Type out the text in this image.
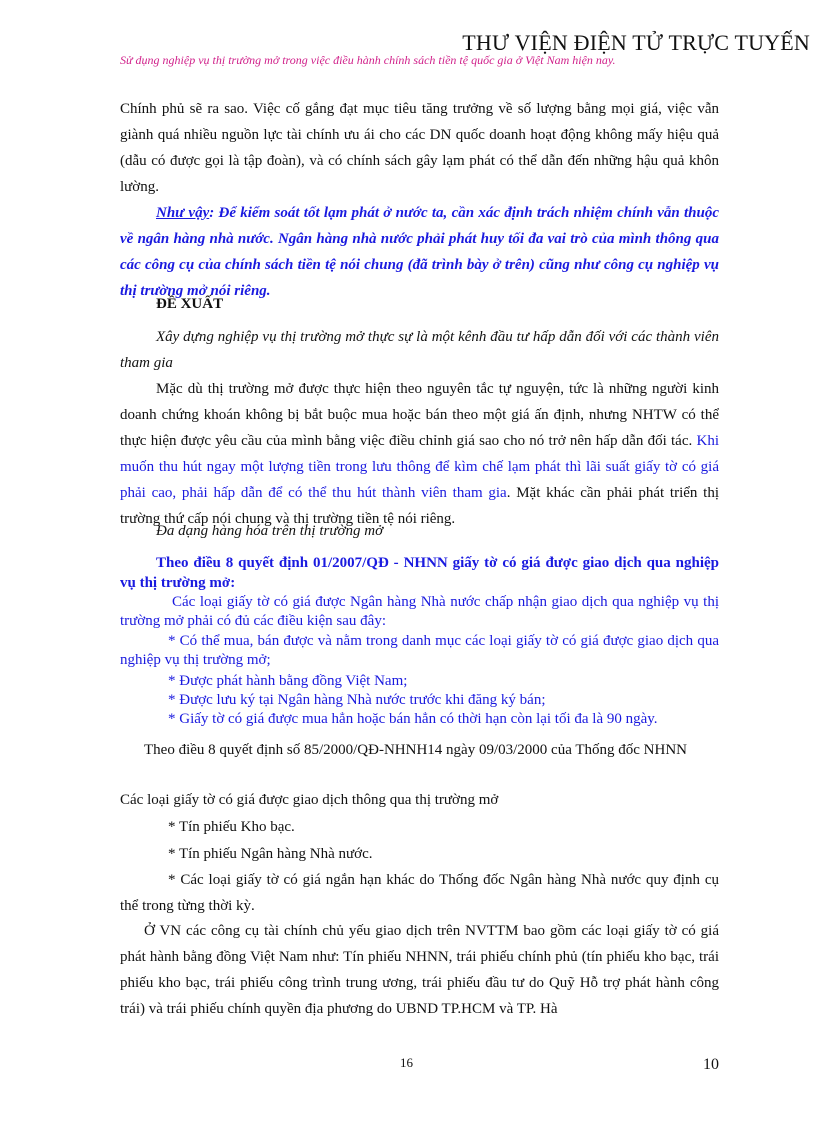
THƯ VIỆN ĐIỆN TỬ TRỰC TUYẾN
Sử dụng nghiệp vụ thị trường mở trong việc điều hành chính sách tiền tệ quốc gia ở Việt Nam hiện nay.

Chính phủ sẽ ra sao. Việc cố gắng đạt mục tiêu tăng trưởng về số lượng bằng mọi giá, việc vẫn giành quá nhiều nguồn lực tài chính ưu ái cho các DN quốc doanh hoạt động không mấy hiệu quả (dẫu có được gọi là tập đoàn), và có chính sách gây lạm phát có thể dẫn đến những hậu quả khôn lường.

Như vậy: Để kiểm soát tốt lạm phát ở nước ta, cần xác định trách nhiệm chính vẫn thuộc về ngân hàng nhà nước. Ngân hàng nhà nước phải phát huy tối đa vai trò của mình thông qua các công cụ của chính sách tiền tệ nói chung (đã trình bày ở trên) cũng như công cụ nghiệp vụ thị trường mở nói riêng.

ĐỀ XUẤT

Xây dựng nghiệp vụ thị trường mở thực sự là một kênh đầu tư hấp dẫn đối với các thành viên tham gia

Mặc dù thị trường mở được thực hiện theo nguyên tắc tự nguyện, tức là những người kinh doanh chứng khoán không bị bắt buộc mua hoặc bán theo một giá ấn định, nhưng NHTW có thể thực hiện được yêu cầu của mình bằng việc điều chỉnh giá sao cho nó trở nên hấp dẫn đối tác. Khi muốn thu hút ngay một lượng tiền trong lưu thông để kìm chế lạm phát thì lãi suất giấy tờ có giá phải cao, phải hấp dẫn để có thể thu hút thành viên tham gia. Mặt khác cần phải phát triển thị trường thứ cấp nói chung và thị trường tiền tệ nói riêng.

Đa dạng hàng hóa trên thị trường mở

Theo điều 8 quyết định 01/2007/QĐ - NHNN giấy tờ có giá được giao dịch qua nghiệp vụ thị trường mở:

Các loại giấy tờ có giá được Ngân hàng Nhà nước chấp nhận giao dịch qua nghiệp vụ thị trường mở phải có đủ các điều kiện sau đây:

* Có thể mua, bán được và nằm trong danh mục các loại giấy tờ có giá được giao dịch qua nghiệp vụ thị trường mở;

* Được phát hành bằng đồng Việt Nam;

* Được lưu ký tại Ngân hàng Nhà nước trước khi đăng ký bán;

* Giấy tờ có giá được mua hẳn hoặc bán hẳn có thời hạn còn lại tối đa là 90 ngày.

Theo điều 8 quyết định số 85/2000/QĐ-NHNH14 ngày 09/03/2000 của Thống đốc NHNN

Các loại giấy tờ có giá được giao dịch thông qua thị trường mở

* Tín phiếu Kho bạc.

* Tín phiếu Ngân hàng Nhà nước.

* Các loại giấy tờ có giá ngắn hạn khác do Thống đốc Ngân hàng Nhà nước quy định cụ thể trong từng thời kỳ.

Ở VN các công cụ tài chính chủ yếu giao dịch trên NVTTM bao gồm các loại giấy tờ có giá phát hành bằng đồng Việt Nam như: Tín phiếu NHNN, trái phiếu chính phủ (tín phiếu kho bạc, trái phiếu kho bạc, trái phiếu công trình trung ương, trái phiếu đầu tư do Quỹ Hỗ trợ phát hành công trái) và trái phiếu chính quyền địa phương do UBND TP.HCM và TP. Hà

16	10
